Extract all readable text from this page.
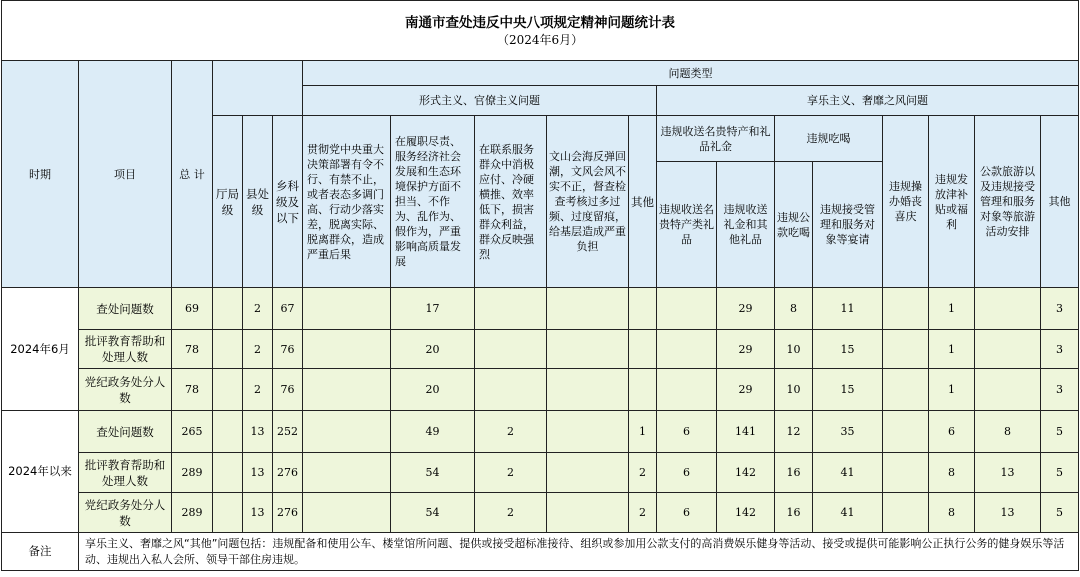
南通市查处违反中央八项规定精神问题统计表
（2024年6月）																		

时期	项目	总 计				问题类型												
						形式主义、官僚主义问题					享乐主义、奢靡之风问题							
			厅局级	县处级	乡科级及以下	贯彻党中央重大决策部署有令不行、有禁不止，或者表态多调门高、行动少落实差，脱离实际、脱离群众，造成严重后果	在履职尽责、服务经济社会发展和生态环境保护方面不担当、不作为、乱作为、假作为，严重影响高质量发展	在联系服务群众中消极应付、冷硬横推、效率低下，损害群众利益，群众反映强烈	文山会海反弹回潮，文风会风不实不正，督查检查考核过多过频、过度留痕，给基层造成严重负担	其他	违规收送名贵特产和礼品礼金		违规吃喝		违规操办婚丧喜庆	违规发放津补贴或福利	公款旅游以及违规接受管理和服务对象等旅游活动安排	其他
											违规收送名贵特产类礼品	违规收送礼金和其他礼品	违规公款吃喝	违规接受管理和服务对象等宴请				
2024年6月	查处问题数	69		2	67		17					29	8	11		1		3
	批评教育帮助和处理人数	78		2	76		20					29	10	15		1		3
	党纪政务处分人数	78		2	76		20					29	10	15		1		3
2024年以来	查处问题数	265		13	252		49	2		1	6	141	12	35		6	8	5
	批评教育帮助和处理人数	289		13	276		54	2		2	6	142	16	41		8	13	5
	党纪政务处分人数	289		13	276		54	2		2	6	142	16	41		8	13	5
备注	享乐主义、奢靡之风“其他”问题包括：违规配备和使用公车、楼堂馆所问题、提供或接受超标准接待、组织或参加用公款支付的高消费娱乐健身等活动、接受或提供可能影响公正执行公务的健身娱乐等活动、违规出入私人会所、领导干部住房违规。																	
